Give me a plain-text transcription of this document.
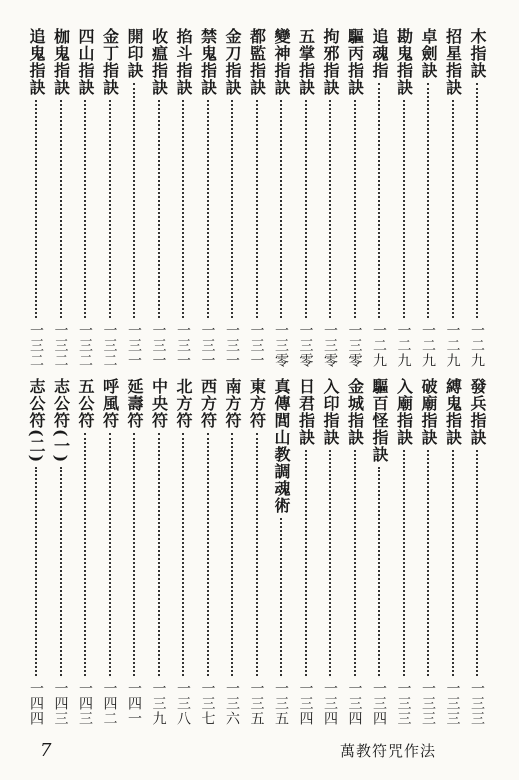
木指訣
一二九
招星指訣
一二九
卓劍訣
一二九
勘鬼指訣
一二九
追魂指
一二九
驅丙指訣
一三零
拘邪指訣
一三零
五掌指訣
一三零
變神指訣
一三零
都監指訣
一三一
金刀指訣
一三一
禁鬼指訣
一三一
掐斗指訣
一三一
收瘟指訣
一三一
開印訣
一三一
金丁指訣
一三二
四山指訣
一三二
枷鬼指訣
一三二
追鬼指訣
一三二
發兵指訣
一三三
縛鬼指訣
一三三
破廟指訣
一三三
入廟指訣
一三三
驅百怪指訣
一三四
金城指訣
一三四
入印指訣
一三四
日君指訣
一三四
真傳閭山教調魂術
一三五
東方符
一三五
南方符
一三六
西方符
一三七
北方符
一三八
中央符
一三九
延壽符
一四一
呼風符
一四二
五公符
一四三
志公符(一)
一四三
志公符(二)
一四四
7	萬教符咒作法
